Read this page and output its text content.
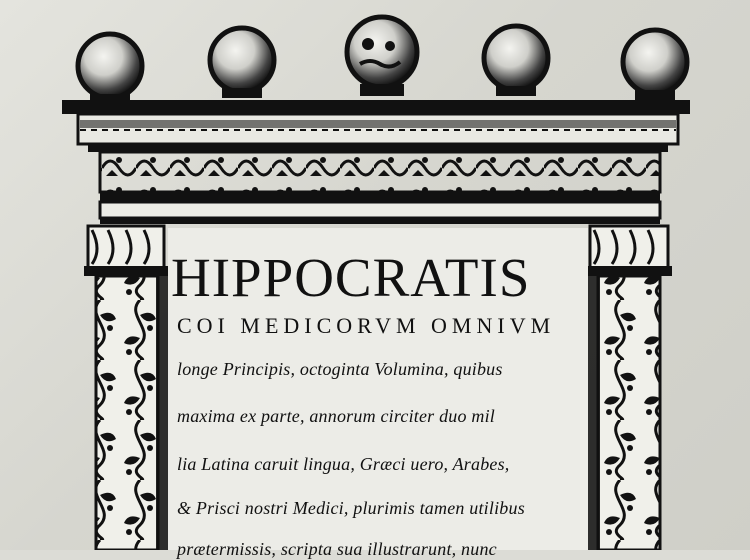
HIPPOCRATIS
COI MEDICORVM OMNIVM
longe Principis, octoginta Volumina, quibus
maxima ex parte, annorum circiter duo mil
lia Latina caruit lingua, Græci uero, Arabes,
& Prisci nostri Medici, plurimis tamen utilibus
prætermissis, scripta sua illustrarunt, nunc
